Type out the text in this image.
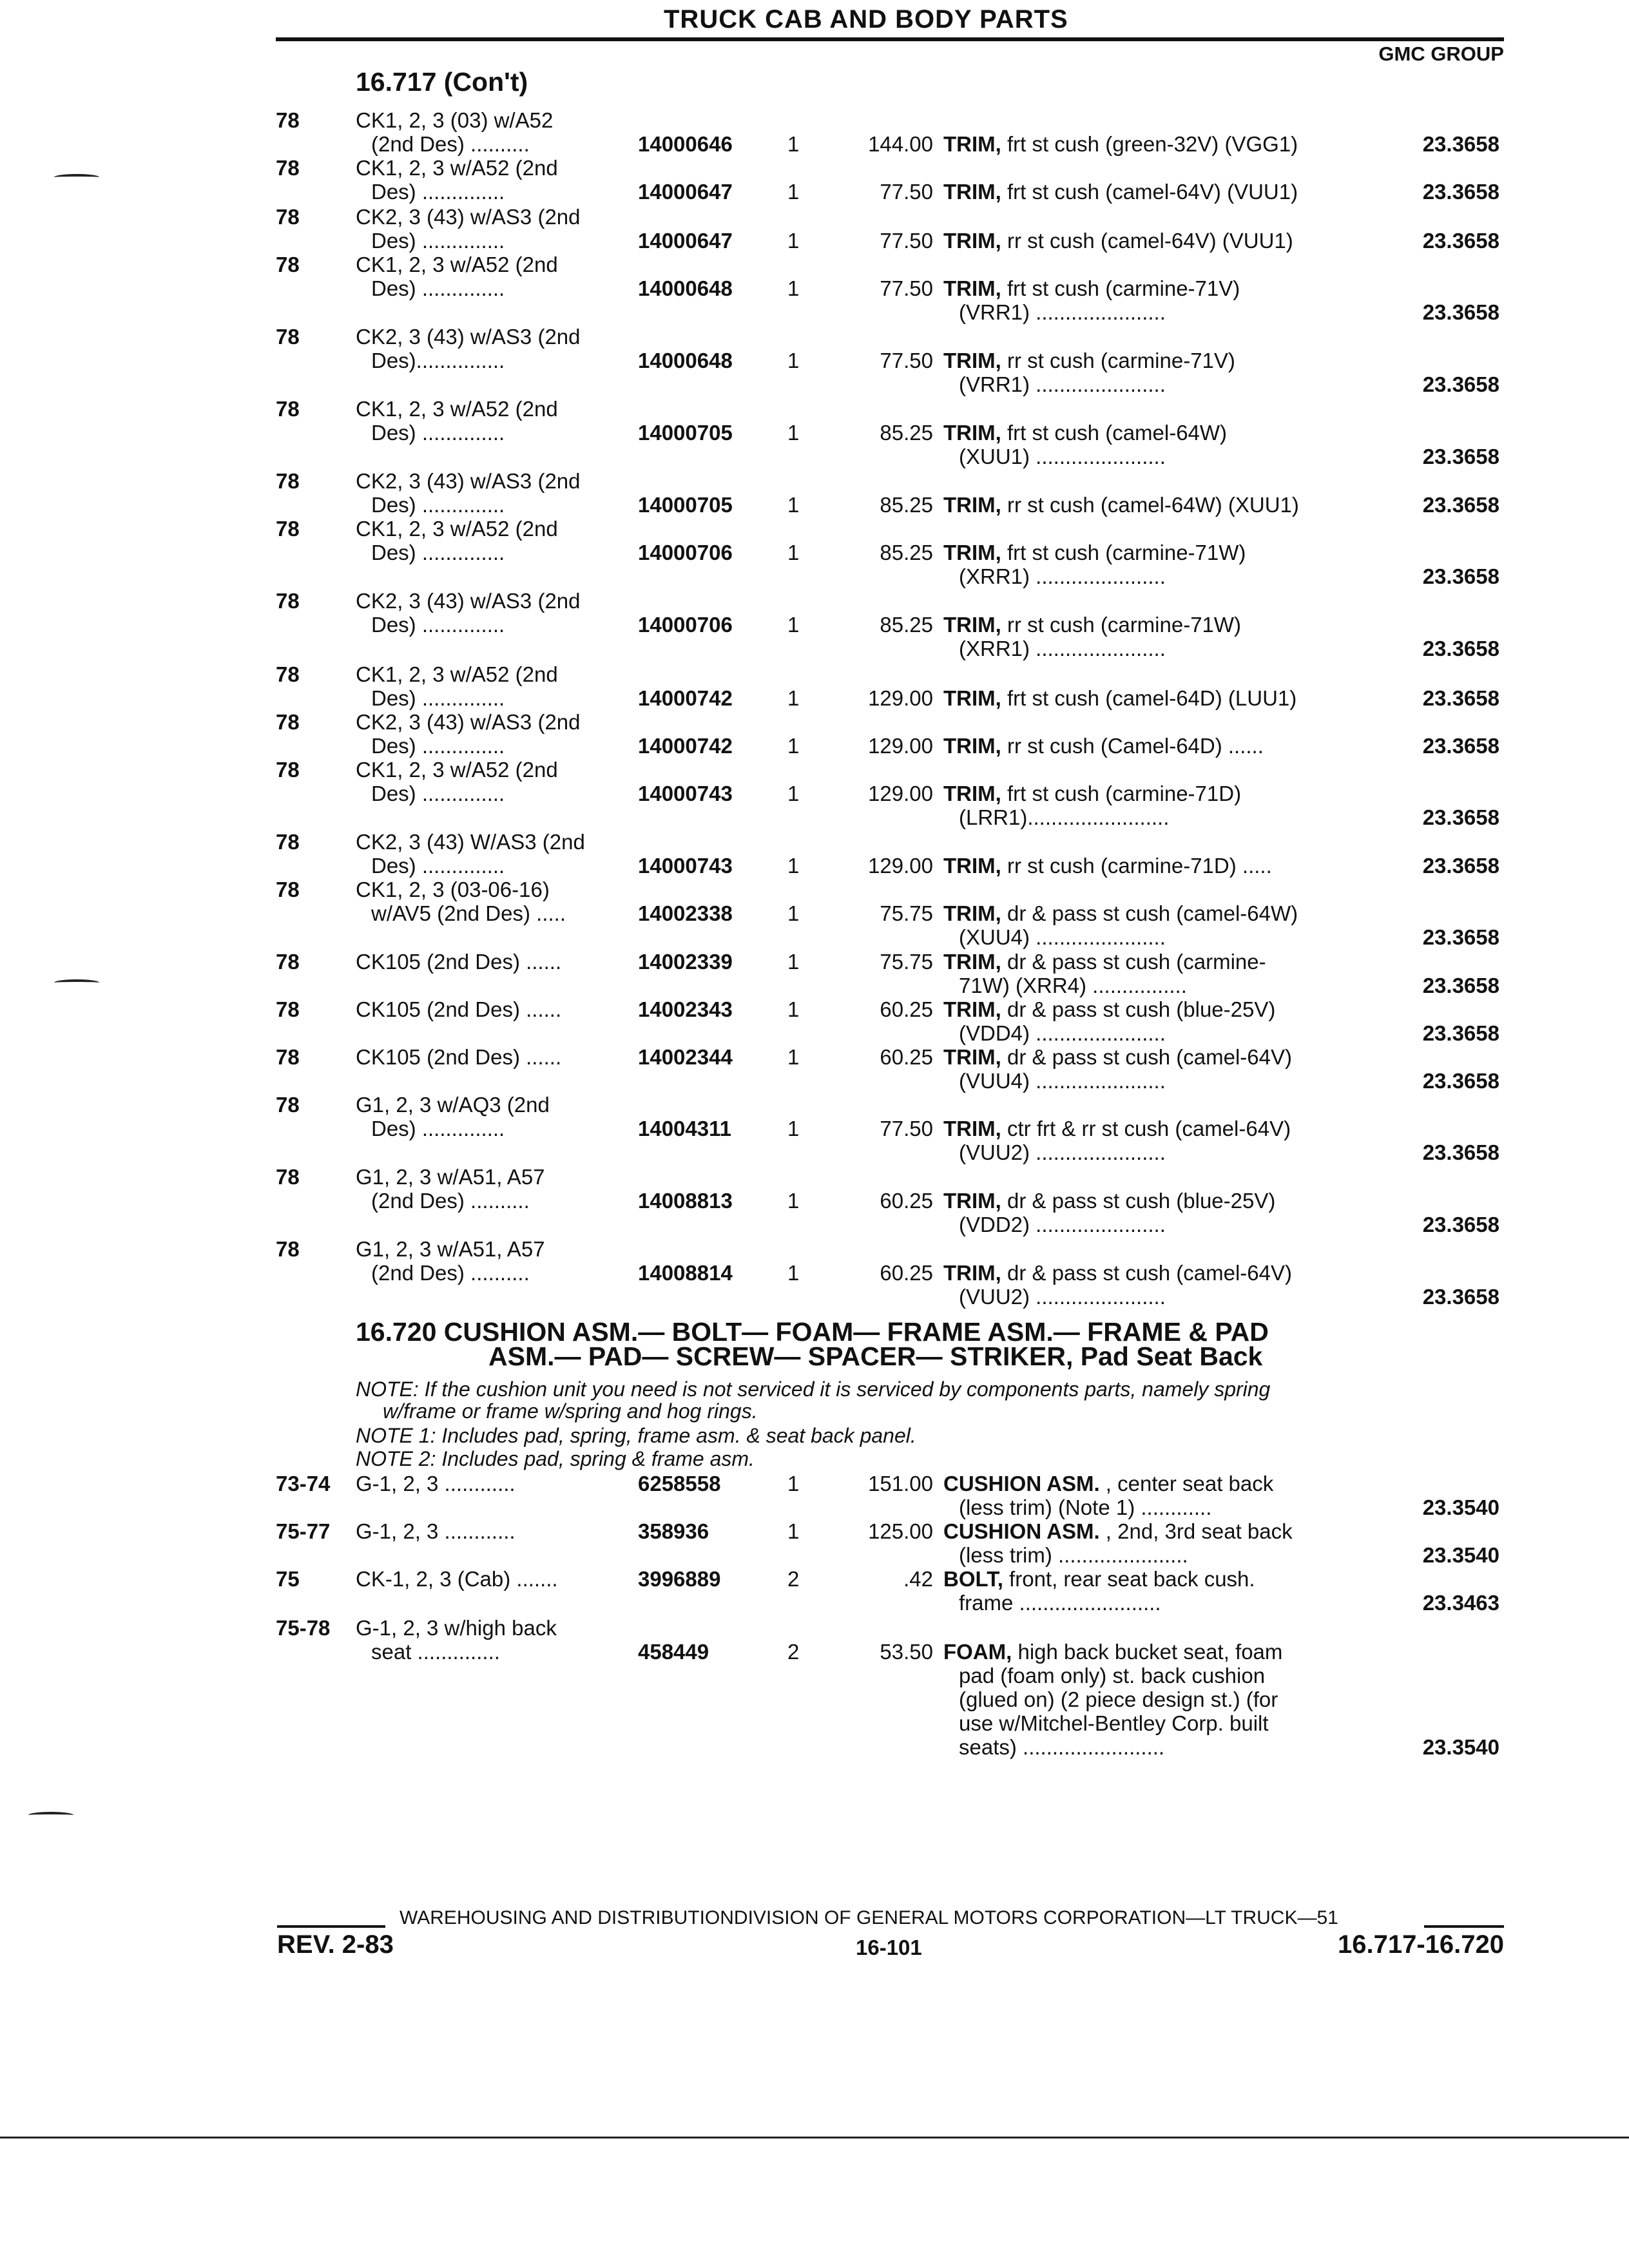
TRUCK CAB AND BODY PARTS
GMC GROUP
16.717 (Con't)
78	CK1, 2, 3 (03) w/A52
(2nd Des) ..........	14000646	1	144.00 TRIM, frt st cush (green-32V) (VGG1)	23.3658
78	CK1, 2, 3 w/A52 (2nd
Des) ..............	14000647	1	77.50 TRIM, frt st cush (camel-64V) (VUU1)	23.3658
78	CK2, 3 (43) w/AS3 (2nd
Des) ..............	14000647	1	77.50 TRIM, rr st cush (camel-64V) (VUU1)	23.3658
78	CK1, 2, 3 w/A52 (2nd
Des) ..............	14000648	1	77.50 TRIM, frt st cush (carmine-71V)
(VRR1) ......................	23.3658
78	CK2, 3 (43) w/AS3 (2nd
Des)...............	14000648	1	77.50 TRIM, rr st cush (carmine-71V)
(VRR1) ......................	23.3658
78	CK1, 2, 3 w/A52 (2nd
Des) ..............	14000705	1	85.25 TRIM, frt st cush (camel-64W)
(XUU1) ......................	23.3658
78	CK2, 3 (43) w/AS3 (2nd
Des) ..............	14000705	1	85.25 TRIM, rr st cush (camel-64W) (XUU1)	23.3658
78	CK1, 2, 3 w/A52 (2nd
Des) ..............	14000706	1	85.25 TRIM, frt st cush (carmine-71W)
(XRR1) ......................	23.3658
78	CK2, 3 (43) w/AS3 (2nd
Des) ..............	14000706	1	85.25 TRIM, rr st cush (carmine-71W)
(XRR1) ......................	23.3658
78	CK1, 2, 3 w/A52 (2nd
Des) ..............	14000742	1	129.00 TRIM, frt st cush (camel-64D) (LUU1)	23.3658
78	CK2, 3 (43) w/AS3 (2nd
Des) ..............	14000742	1	129.00 TRIM, rr st cush (Camel-64D) ......	23.3658
78	CK1, 2, 3 w/A52 (2nd
Des) ..............	14000743	1	129.00 TRIM, frt st cush (carmine-71D)
(LRR1)........................	23.3658
78	CK2, 3 (43) W/AS3 (2nd
Des) ..............	14000743	1	129.00 TRIM, rr st cush (carmine-71D) .....	23.3658
78	CK1, 2, 3 (03-06-16)
w/AV5 (2nd Des) .....	14002338	1	75.75 TRIM, dr & pass st cush (camel-64W)
(XUU4) ......................	23.3658
78	CK105 (2nd Des) ......	14002339	1	75.75 TRIM, dr & pass st cush (carmine-
71W) (XRR4) ................	23.3658
78	CK105 (2nd Des) ......	14002343	1	60.25 TRIM, dr & pass st cush (blue-25V)
(VDD4) ......................	23.3658
78	CK105 (2nd Des) ......	14002344	1	60.25 TRIM, dr & pass st cush (camel-64V)
(VUU4) ......................	23.3658
78	G1, 2, 3 w/AQ3 (2nd
Des) ..............	14004311	1	77.50 TRIM, ctr frt & rr st cush (camel-64V)
(VUU2) ......................	23.3658
78	G1, 2, 3 w/A51, A57
(2nd Des) ..........	14008813	1	60.25 TRIM, dr & pass st cush (blue-25V)
(VDD2) ......................	23.3658
78	G1, 2, 3 w/A51, A57
(2nd Des) ..........	14008814	1	60.25 TRIM, dr & pass st cush (camel-64V)
(VUU2) ......................	23.3658
16.720 CUSHION ASM.— BOLT— FOAM— FRAME ASM.— FRAME & PAD
ASM.— PAD— SCREW— SPACER— STRIKER, Pad Seat Back
NOTE: If the cushion unit you need is not serviced it is serviced by components parts, namely spring
w/frame or frame w/spring and hog rings.
NOTE 1: Includes pad, spring, frame asm. & seat back panel.
NOTE 2: Includes pad, spring & frame asm.
73-74 G-1, 2, 3 ............	6258558	1	151.00 CUSHION ASM. , center seat back
(less trim) (Note 1) ............	23.3540
75-77 G-1, 2, 3 ............	358936	1	125.00 CUSHION ASM. , 2nd, 3rd seat back
(less trim) ......................	23.3540
75	CK-1, 2, 3 (Cab) .......	3996889	2	.42 BOLT, front, rear seat back cush.
frame ........................	23.3463
75-78 G-1, 2, 3 w/high back
seat ..............	458449	2	53.50 FOAM, high back bucket seat, foam
pad (foam only) st. back cushion
(glued on) (2 piece design st.) (for
use w/Mitchel-Bentley Corp. built
seats) ........................	23.3540
WAREHOUSING AND DISTRIBUTIONDIVISION OF GENERAL MOTORS CORPORATION—LT TRUCK—51
REV. 2-83	16-101	16.717-16.720
